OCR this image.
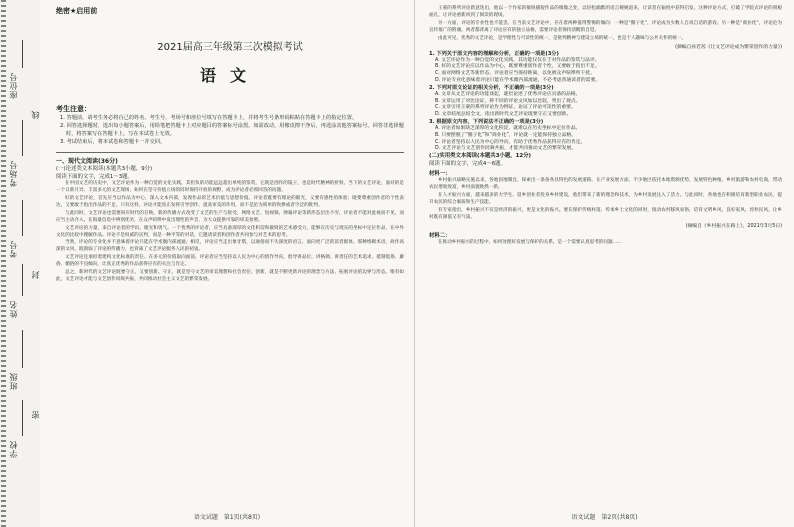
座位号
考场号
考号
姓名
班级
学校
线
封
密
绝密★启用前
2021届高三年级第三次模拟考试
语文
考生注意：
1. 答题前，请考生务必将自己的姓名、考生号、考场号和座位号填写在答题卡上，并将考生号条形码粘贴在答题卡上的指定位置。
2. 回答选择题时，选出每小题答案后，用铅笔把答题卡上对应题目的答案标号涂黑。如需改动，用橡皮擦干净后，再选涂其他答案标号。回答非选择题时，将答案写在答题卡上。写在本试卷上无效。
3. 考试结束后，将本试卷和答题卡一并交回。
一、现代文阅读(36分)
(一)论述类文本阅读(本题共3小题，9分)
阅读下面的文字，完成1～3题。
在中国文艺的历史中，文艺评论作为一种自觉的文化实践，其担负的功能远远超出单纯的鉴赏，它既是创作的镜子，也是时代精神的折射。当下的文艺评论，面对的是一个日新月异、丰富多元的文艺现场，如何在坚守价值立场的同时保持开放的视野，成为评论者必须回答的问题。
好的文艺评论，首先应当以作品为中心，深入文本内部，发现作品的艺术价值与思想价值。评论者既要有理论的眼光，又要有感性的体验；既要尊重创作者的个性表达，又要敢于指出作品的不足。只有这样，评论才能真正发挥引导创作、提高审美的作用，而不是沦为简单的吹捧或者空泛的批判。
与此同时，文艺评论也需要回应时代的召唤。新的传播方式改变了文艺的生产与接受，网络文艺、短视频、弹幕评论等新形态层出不穷，评论者不能对此视而不见，而应当主动介入，在海量信息中辨别优劣，在众声喧哗中发出理性的声音，为大众提供可靠的审美参照。
文艺评论的力量，来自评论者的学识、眼光和勇气。一个优秀的评论者，应当具备深厚的文化积淀和敏锐的艺术感受力，能够在历史与现实的坐标中定位作品，在中外文化的比较中理解作品。评论不是权威的宣判，而是一种平等的对话，它邀请读者和创作者共同参与对艺术的思考。
当然，评论的专业化并不意味着评论只能在学术圈内部流通。相反，评论应当走出象牙塔，以通俗而不失深度的语言，面向更广泛的读者群体。那种堆砌术语、故作高深的文风，既削弱了评论的传播力，也背离了文艺评论服务人民的初衷。
文艺评论还承担着建构文化标准的责任。在多元的价值取向面前，评论者应当坚持以人民为中心的创作导向，倡导讲品位、讲格调、讲责任的艺术追求，抵制低俗、庸俗、媚俗的不良倾向，让真正优秀的作品获得应有的关注与肯定。
总之，新时代的文艺评论既要守正，又要创新。守正，就是坚守文艺的审美理想和社会责任；创新，就是不断更新评论的理念与方法，拓展评论的边界与形态。唯有如此，文艺评论才能与文艺创作同频共振，共同推动社会主义文艺的繁荣发展。
语文试题　第1页(共8页)
王蒙的系列评论新意迭出，他以一个作家的敏锐捕捉作品的细微之处，以轻松幽默的语言娓娓道来，让读者在愉悦中获得启发。这种评论方式，打破了学院式评论的刻板面孔，让评论重新回到了阅读的现场。
另一方面，评论的专业性也不能丢。在当前文艺评论中，存在着两种值得警惕的倾向：一种是“圈子化”，评论成为少数人自说自话的游戏；另一种是“商业化”，评论沦为宣传推广的附庸。两者都背离了评论应有的独立品格，需要评论者保持清醒的自觉。
由此可见，优秀的文艺评论，是学理性与可读性的统一，是批判精神与建设立场的统一，也是个人趣味与公共关怀的统一。
(摘编自孙若茜《让文艺评论成为繁荣创作的力量》)
1. 下列关于原文内容的理解和分析，正确的一项是(3分)
A. 文艺评论作为一种自觉的文化实践，其功能仅仅在于对作品的鉴赏与品评。
B. 好的文艺评论应以作品为中心，既要尊重创作者个性，又要敢于指出不足。
C. 面对网络文艺等新形态，评论者应当保持距离，以免被众声喧哗所干扰。
D. 评论专业化意味着评论只能在学术圈内部流通，不必考虑普通读者的需要。
2. 下列对原文论证的相关分析，不正确的一项是(3分)
A. 文章从文艺评论的功能谈起，逐层论述了优秀评论应具备的品格。
B. 文章运用了对比论证，将不同的评论文风加以比较，突出了观点。
C. 文章引用王蒙的系列评论作为例证，论证了评论可读性的重要。
D. 文章结尾总结全文，指出新时代文艺评论既要守正又要创新。
3. 根据原文内容，下列说法不正确的一项是(3分)
A. 评论者如果缺乏深厚的文化积淀，就难以在历史坐标中定位作品。
B. 只要摆脱了“圈子化”和“商业化”，评论就一定能保持独立品格。
C. 评论者坚持以人民为中心的导向，有助于优秀作品获得应有的肯定。
D. 文艺评论与文艺创作同频共振，才能共同推动文艺的繁荣发展。
(二)实用类文本阅读(本题共3小题，12分)
阅读下面的文字，完成4～6题。
材料一：
乡村振兴战略实施以来，各地因地制宜，探索出一条条各具特色的发展道路。在产业发展方面，不少地区依托本地资源优势，发展特色种植、乡村旅游和农村电商，带动农民增收致富，乡村面貌焕然一新。
在人才振兴方面，越来越多的大学生、返乡创业者投身乡村建设，他们带来了新的理念和技术，为乡村发展注入了活力。与此同时，各地也在积极培育新型职业农民，提升农民的综合素质和生产技能。
有专家指出，乡村振兴不仅是经济的振兴，更是文化的振兴。要在保护传统村落、传承乡土文化的同时，推动农村移风易俗，培育文明乡风、良好家风、淳朴民风，让乡村既有颜值又有气质。
(摘编自《乡村振兴在路上》，2021年3月5日)
材料二：
在推动乡村振兴的过程中，如何处理好发展与保护的关系，是一个需要认真思考的问题……
语文试题　第2页(共8页)
